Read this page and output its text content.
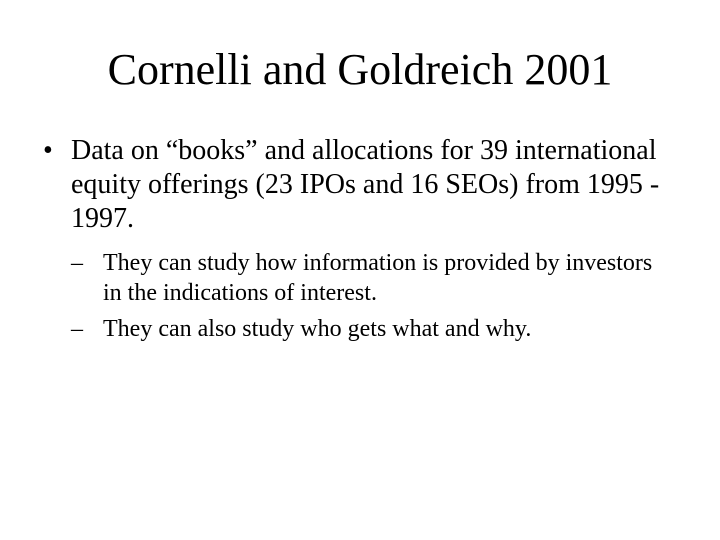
Cornelli and Goldreich 2001
• Data on “books” and allocations for 39 international equity offerings (23 IPOs and 16 SEOs) from 1995 - 1997.
– They can study how information is provided by investors in the indications of interest.
– They can also study who gets what and why.
